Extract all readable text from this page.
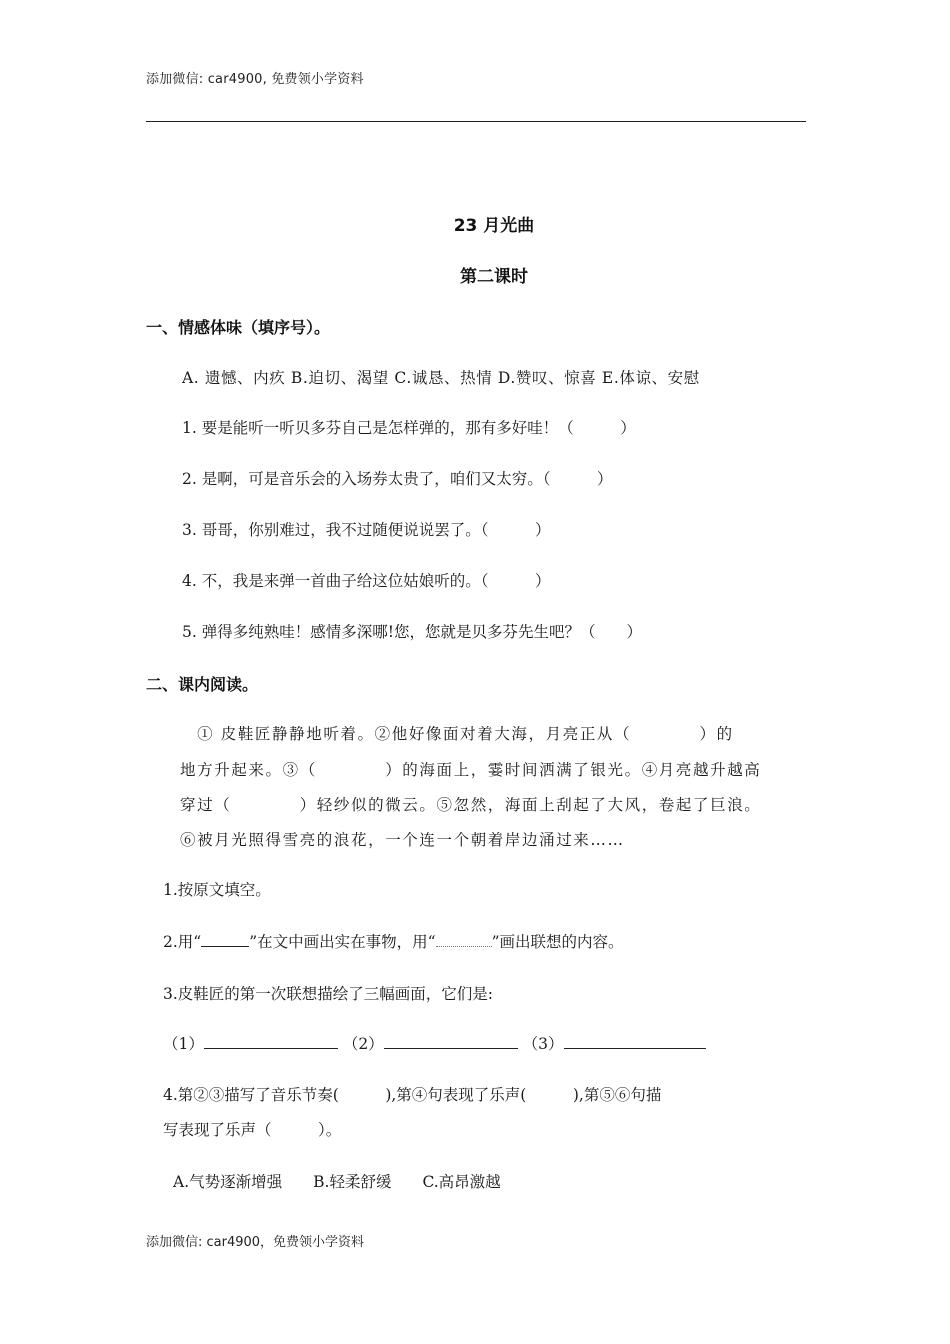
添加微信: car4900, 免费领小学资料
23 月光曲
第二课时
一、情感体味（填序号）。
A. 遗憾、内疚 B.迫切、渴望 C.诚恳、热情 D.赞叹、惊喜 E.体谅、安慰
1. 要是能听一听贝多芬自己是怎样弹的，那有多好哇！（　　　）
2. 是啊，可是音乐会的入场券太贵了，咱们又太穷。（　　　）
3. 哥哥，你别难过，我不过随便说说罢了。（　　　）
4. 不，我是来弹一首曲子给这位姑娘听的。（　　　）
5. 弹得多纯熟哇！感情多深哪!您，您就是贝多芬先生吧？（　　）
二、课内阅读。
　① 皮鞋匠静静地听着。②他好像面对着大海，月亮正从（　　　　）的
地方升起来。③（　　　　）的海面上，霎时间洒满了银光。④月亮越升越高
穿过（　　　　）轻纱似的微云。⑤忽然，海面上刮起了大风，卷起了巨浪。
⑥被月光照得雪亮的浪花，一个连一个朝着岸边涌过来……
1.按原文填空。
2.用“	”在文中画出实在事物，用“	”画出联想的内容。
3.皮鞋匠的第一次联想描绘了三幅画面，它们是:
（1）	（2）	（3）
4.第②③描写了音乐节奏(　　　),第④句表现了乐声(　　　),第⑤⑥句描
写表现了乐声（　　　）。
A.气势逐渐增强　　B.轻柔舒缓　　C.高昂激越
添加微信: car4900，免费领小学资料
